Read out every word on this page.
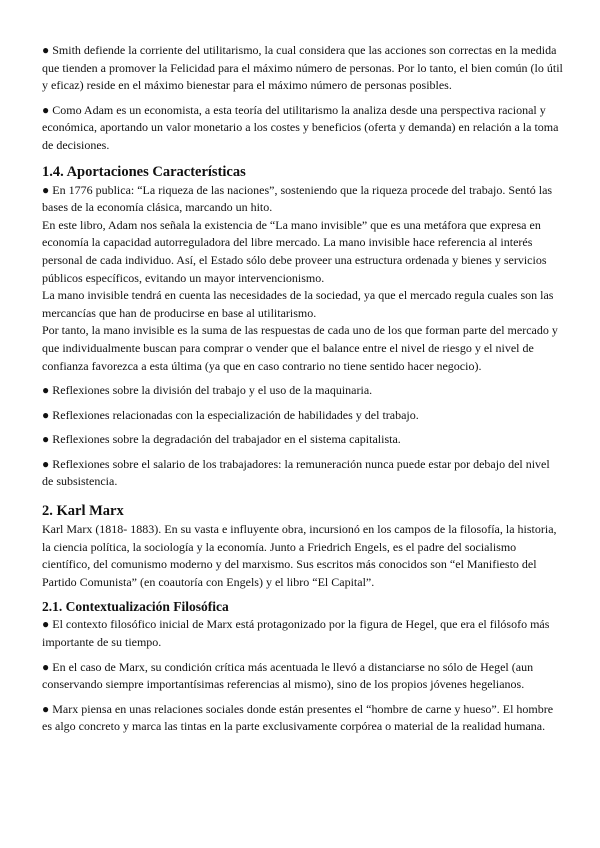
● Smith defiende la corriente del utilitarismo, la cual considera que las acciones son correctas en la medida que tienden a promover la Felicidad para el máximo número de personas. Por lo tanto, el bien común (lo útil y eficaz) reside en el máximo bienestar para el máximo número de personas posibles.

● Como Adam es un economista, a esta teoría del utilitarismo la analiza desde una perspectiva racional y económica, aportando un valor monetario a los costes y beneficios (oferta y demanda) en relación a la toma de decisiones.

1.4. Aportaciones Características

● En 1776 publica: “La riqueza de las naciones”, sosteniendo que la riqueza procede del trabajo. Sentó las bases de la economía clásica, marcando un hito.

En este libro, Adam nos señala la existencia de “La mano invisible” que es una metáfora que expresa en economía la capacidad autorreguladora del libre mercado. La mano invisible hace referencia al interés personal de cada individuo. Así, el Estado sólo debe proveer una estructura ordenada y bienes y servicios públicos específicos, evitando un mayor intervencionismo.

La mano invisible tendrá en cuenta las necesidades de la sociedad, ya que el mercado regula cuales son las mercancías que han de producirse en base al utilitarismo.

Por tanto, la mano invisible es la suma de las respuestas de cada uno de los que forman parte del mercado y que individualmente buscan para comprar o vender que el balance entre el nivel de riesgo y el nivel de confianza favorezca a esta última (ya que en caso contrario no tiene sentido hacer negocio).

● Reflexiones sobre la división del trabajo y el uso de la maquinaria.

● Reflexiones relacionadas con la especialización de habilidades y del trabajo.

● Reflexiones sobre la degradación del trabajador en el sistema capitalista.

● Reflexiones sobre el salario de los trabajadores: la remuneración nunca puede estar por debajo del nivel de subsistencia.

2. Karl Marx

Karl Marx (1818- 1883). En su vasta e influyente obra, incursionó en los campos de la filosofía, la historia, la ciencia política, la sociología y la economía. Junto a Friedrich Engels, es el padre del socialismo científico, del comunismo moderno y del marxismo. Sus escritos más conocidos son “el Manifiesto del Partido Comunista” (en coautoría con Engels) y el libro “El Capital”.

2.1. Contextualización Filosófica

● El contexto filosófico inicial de Marx está protagonizado por la figura de Hegel, que era el filósofo más importante de su tiempo.

● En el caso de Marx, su condición crítica más acentuada le llevó a distanciarse no sólo de Hegel (aun conservando siempre importantísimas referencias al mismo), sino de los propios jóvenes hegelianos.

● Marx piensa en unas relaciones sociales donde están presentes el “hombre de carne y hueso”. El hombre es algo concreto y marca las tintas en la parte exclusivamente corpórea o material de la realidad humana.
